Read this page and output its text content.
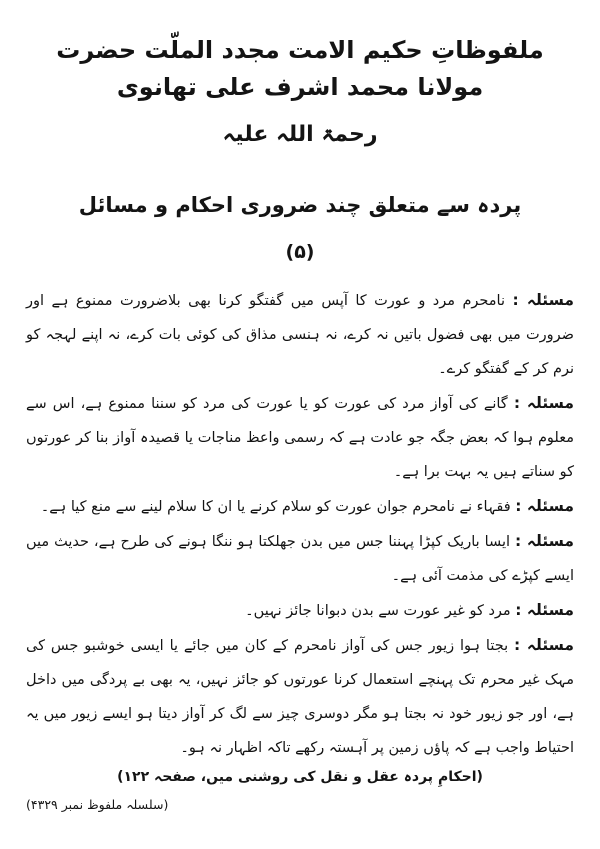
ملفوظاتِ حکیم الامت مجدد الملّت حضرت مولانا محمد اشرف علی تھانوی
رحمۃ اللہ علیہ
پردہ سے متعلق چند ضروری احکام و مسائل
(۵)

مسئلہ : نامحرم مرد و عورت کا آپس میں گفتگو کرنا بھی بلاضرورت ممنوع ہے اور ضرورت میں بھی فضول باتیں نہ کرے، نہ ہنسی مذاق کی کوئی بات کرے، نہ اپنے لہجہ کو نرم کر کے گفتگو کرے۔

مسئلہ : گانے کی آواز مرد کی عورت کو یا عورت کی مرد کو سننا ممنوع ہے، اس سے معلوم ہوا کہ بعض جگہ جو عادت ہے کہ رسمی واعظ مناجات یا قصیدہ آواز بنا کر عورتوں کو سناتے ہیں یہ بہت برا ہے۔

مسئلہ : فقہاء نے نامحرم جوان عورت کو سلام کرنے یا ان کا سلام لینے سے منع کیا ہے۔

مسئلہ : ایسا باریک کپڑا پہننا جس میں بدن جھلکتا ہو ننگا ہونے کی طرح ہے، حدیث میں ایسے کپڑے کی مذمت آئی ہے۔

مسئلہ : مرد کو غیر عورت سے بدن دبوانا جائز نہیں۔

مسئلہ : بجتا ہوا زیور جس کی آواز نامحرم کے کان میں جائے یا ایسی خوشبو جس کی مہک غیر محرم تک پہنچے استعمال کرنا عورتوں کو جائز نہیں، یہ بھی بے پردگی میں داخل ہے، اور جو زیور خود نہ بجتا ہو مگر دوسری چیز سے لگ کر آواز دیتا ہو ایسے زیور میں یہ احتیاط واجب ہے کہ پاؤں زمین پر آہستہ رکھے تاکہ اظہار نہ ہو۔

(احکامِ پردہ عقل و نقل کی روشنی میں، صفحہ ۱۲۲)
(سلسلہ ملفوظ نمبر ۴۳۲۹)
